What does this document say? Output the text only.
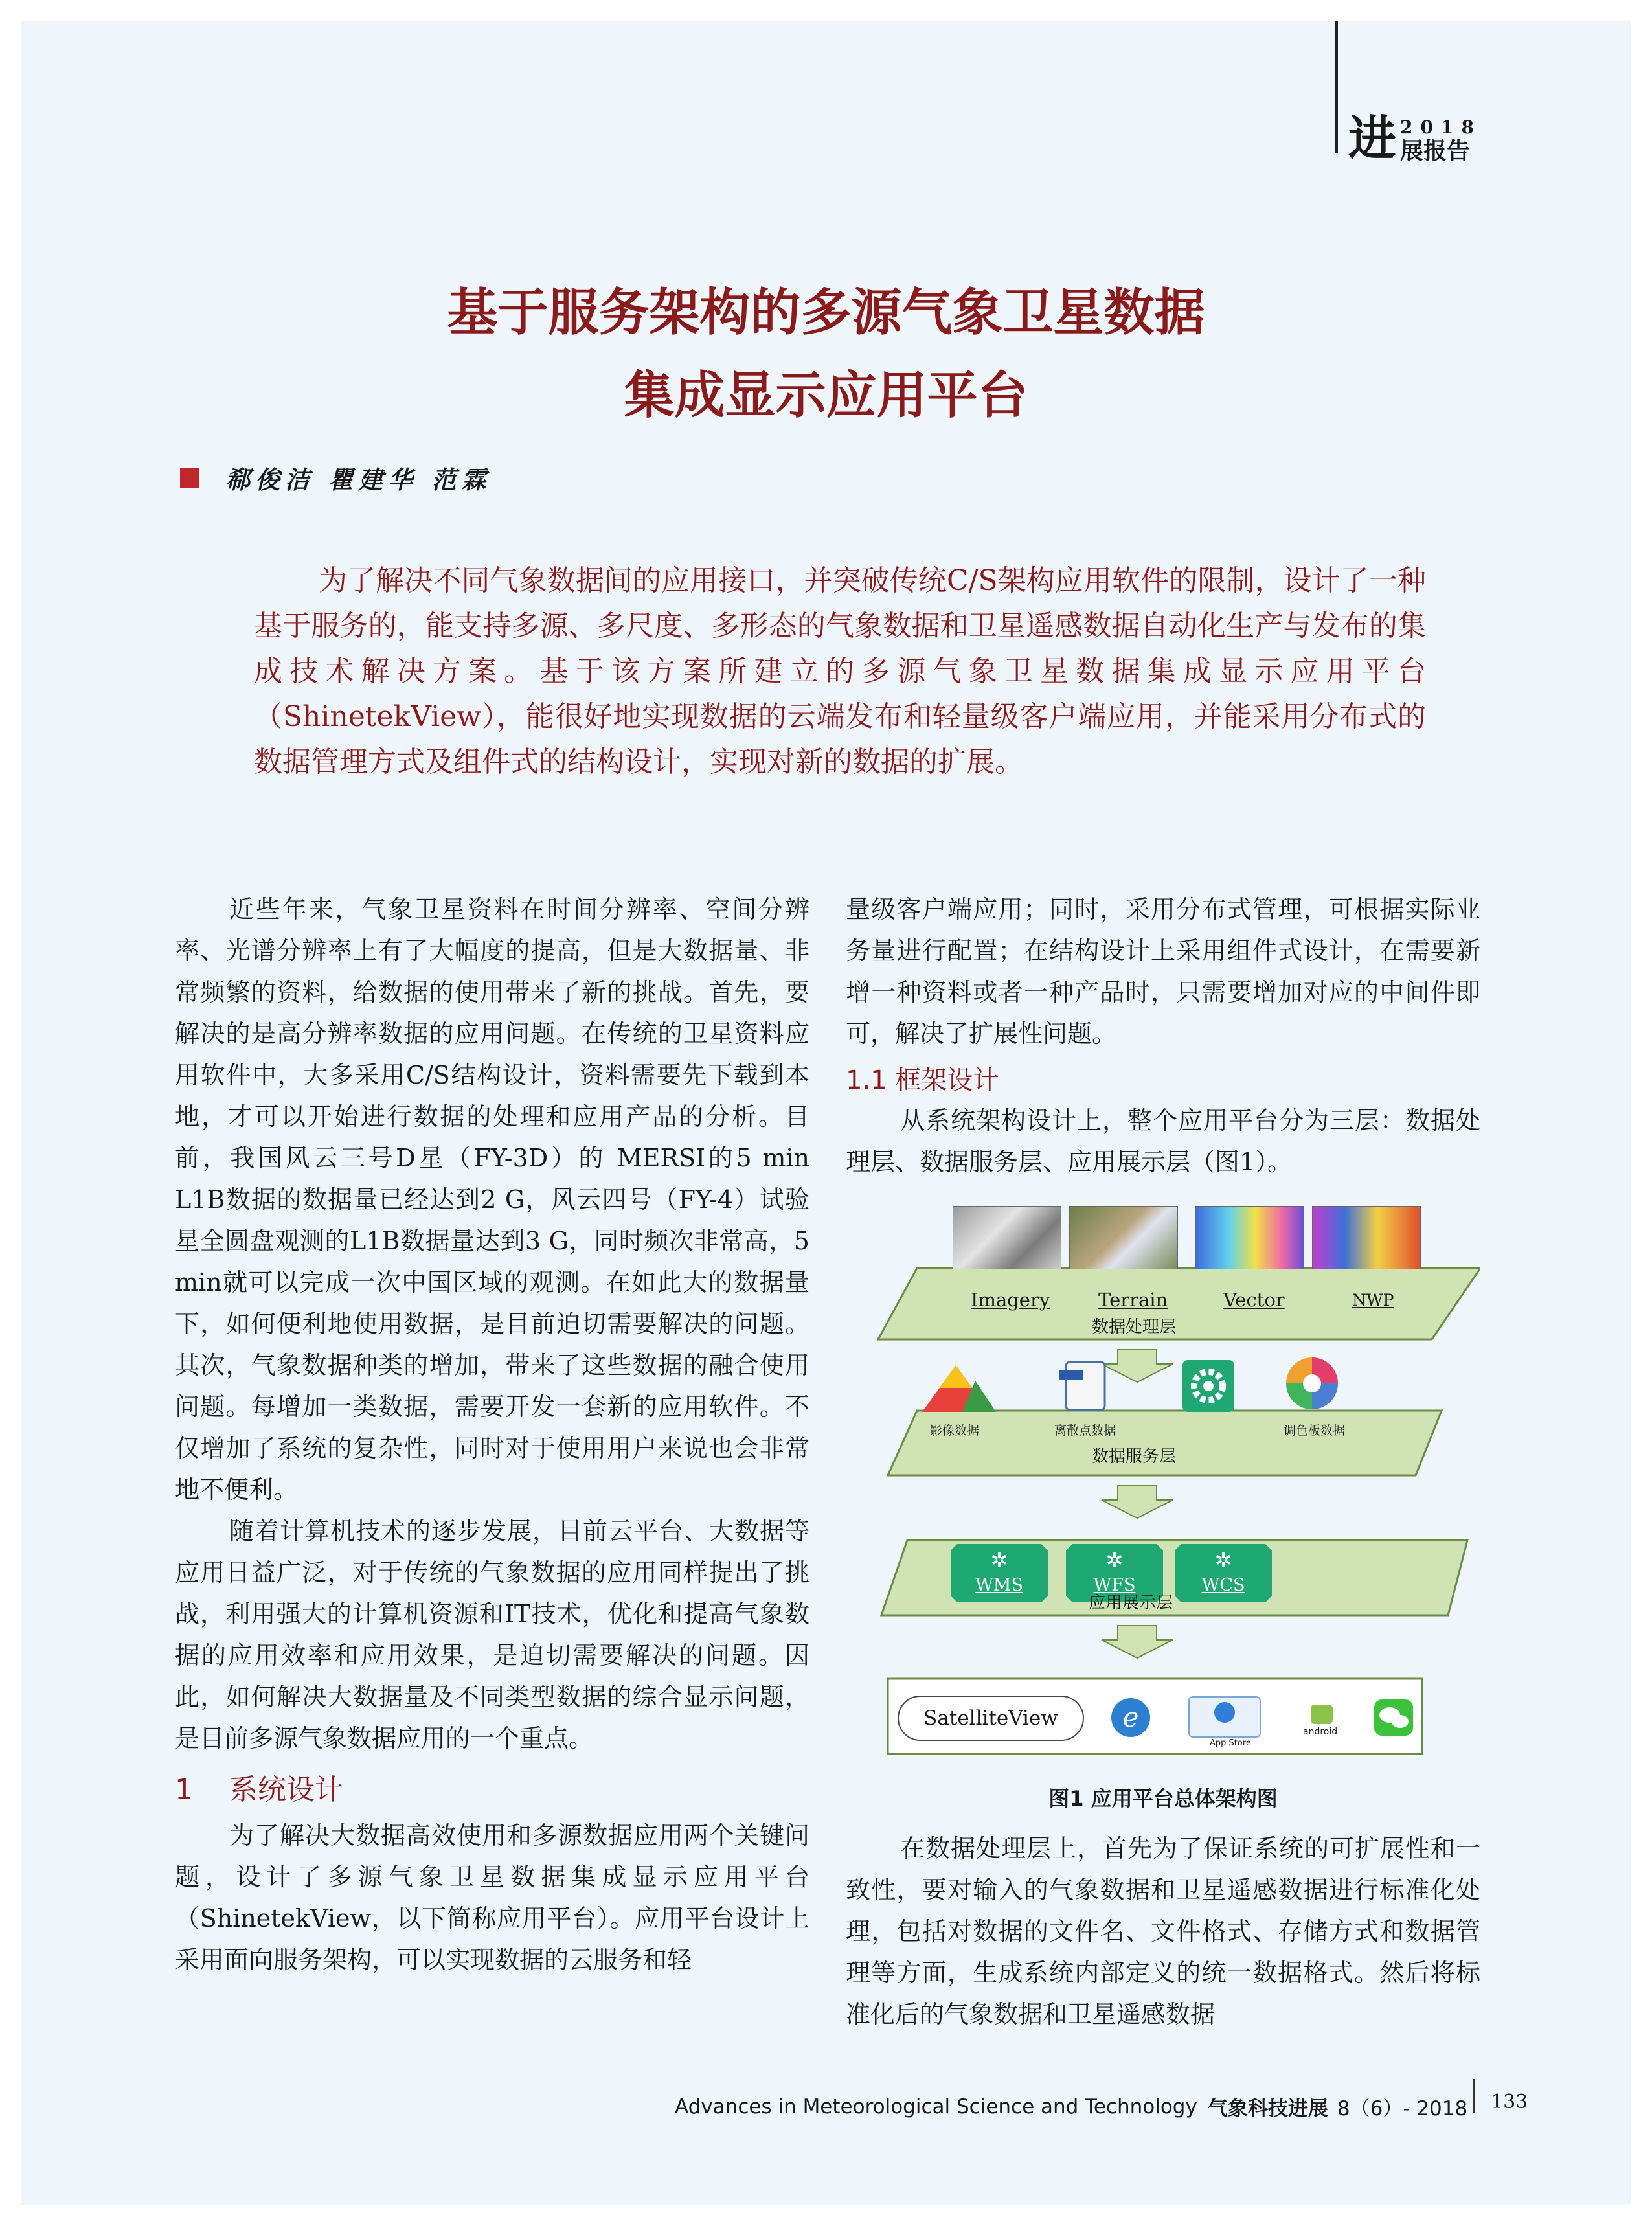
进 2018
展报告
基于服务架构的多源气象卫星数据
集成显示应用平台
郗俊洁 瞿建华 范霖

为了解决不同气象数据间的应用接口，并突破传统C/S架构应用软件的限制，设计了一种基于服务的，能支持多源、多尺度、多形态的气象数据和卫星遥感数据自动化生产与发布的集成技术解决方案。基于该方案所建立的多源气象卫星数据集成显示应用平台（ShinetekView），能很好地实现数据的云端发布和轻量级客户端应用，并能采用分布式的数据管理方式及组件式的结构设计，实现对新的数据的扩展。

近些年来，气象卫星资料在时间分辨率、空间分辨率、光谱分辨率上有了大幅度的提高，但是大数据量、非常频繁的资料，给数据的使用带来了新的挑战。首先，要解决的是高分辨率数据的应用问题。在传统的卫星资料应用软件中，大多采用C/S结构设计，资料需要先下载到本地，才可以开始进行数据的处理和应用产品的分析。目前，我国风云三号D星（FY-3D）的 MERSI的5 min L1B数据的数据量已经达到2 G，风云四号（FY-4）试验星全圆盘观测的L1B数据量达到3 G，同时频次非常高，5 min就可以完成一次中国区域的观测。在如此大的数据量下，如何便利地使用数据，是目前迫切需要解决的问题。其次，气象数据种类的增加，带来了这些数据的融合使用问题。每增加一类数据，需要开发一套新的应用软件。不仅增加了系统的复杂性，同时对于使用用户来说也会非常地不便利。

随着计算机技术的逐步发展，目前云平台、大数据等应用日益广泛，对于传统的气象数据的应用同样提出了挑战，利用强大的计算机资源和IT技术，优化和提高气象数据的应用效率和应用效果，是迫切需要解决的问题。因此，如何解决大数据量及不同类型数据的综合显示问题，是目前多源气象数据应用的一个重点。

1 系统设计

为了解决大数据高效使用和多源数据应用两个关键问题，设计了多源气象卫星数据集成显示应用平台（ShinetekView，以下简称应用平台）。应用平台设计上采用面向服务架构，可以实现数据的云服务和轻

量级客户端应用；同时，采用分布式管理，可根据实际业务量进行配置；在结构设计上采用组件式设计，在需要新增一种资料或者一种产品时，只需要增加对应的中间件即可，解决了扩展性问题。

1.1 框架设计

从系统架构设计上，整个应用平台分为三层：数据处理层、数据服务层、应用展示层（图1）。

e
Imagery	Terrain	Vector	NWP
数据处理层
影像数据	离散点数据	调色板数据
数据服务层
✲
WMS
✲
WFS
✲
WCS
应用展示层
SatelliteView
App Store
android
图1 应用平台总体架构图

在数据处理层上，首先为了保证系统的可扩展性和一致性，要对输入的气象数据和卫星遥感数据进行标准化处理，包括对数据的文件名、文件格式、存储方式和数据管理等方面，生成系统内部定义的统一数据格式。然后将标准化后的气象数据和卫星遥感数据

Advances in Meteorological Science and Technology 气象科技进展 8（6）- 2018 133
